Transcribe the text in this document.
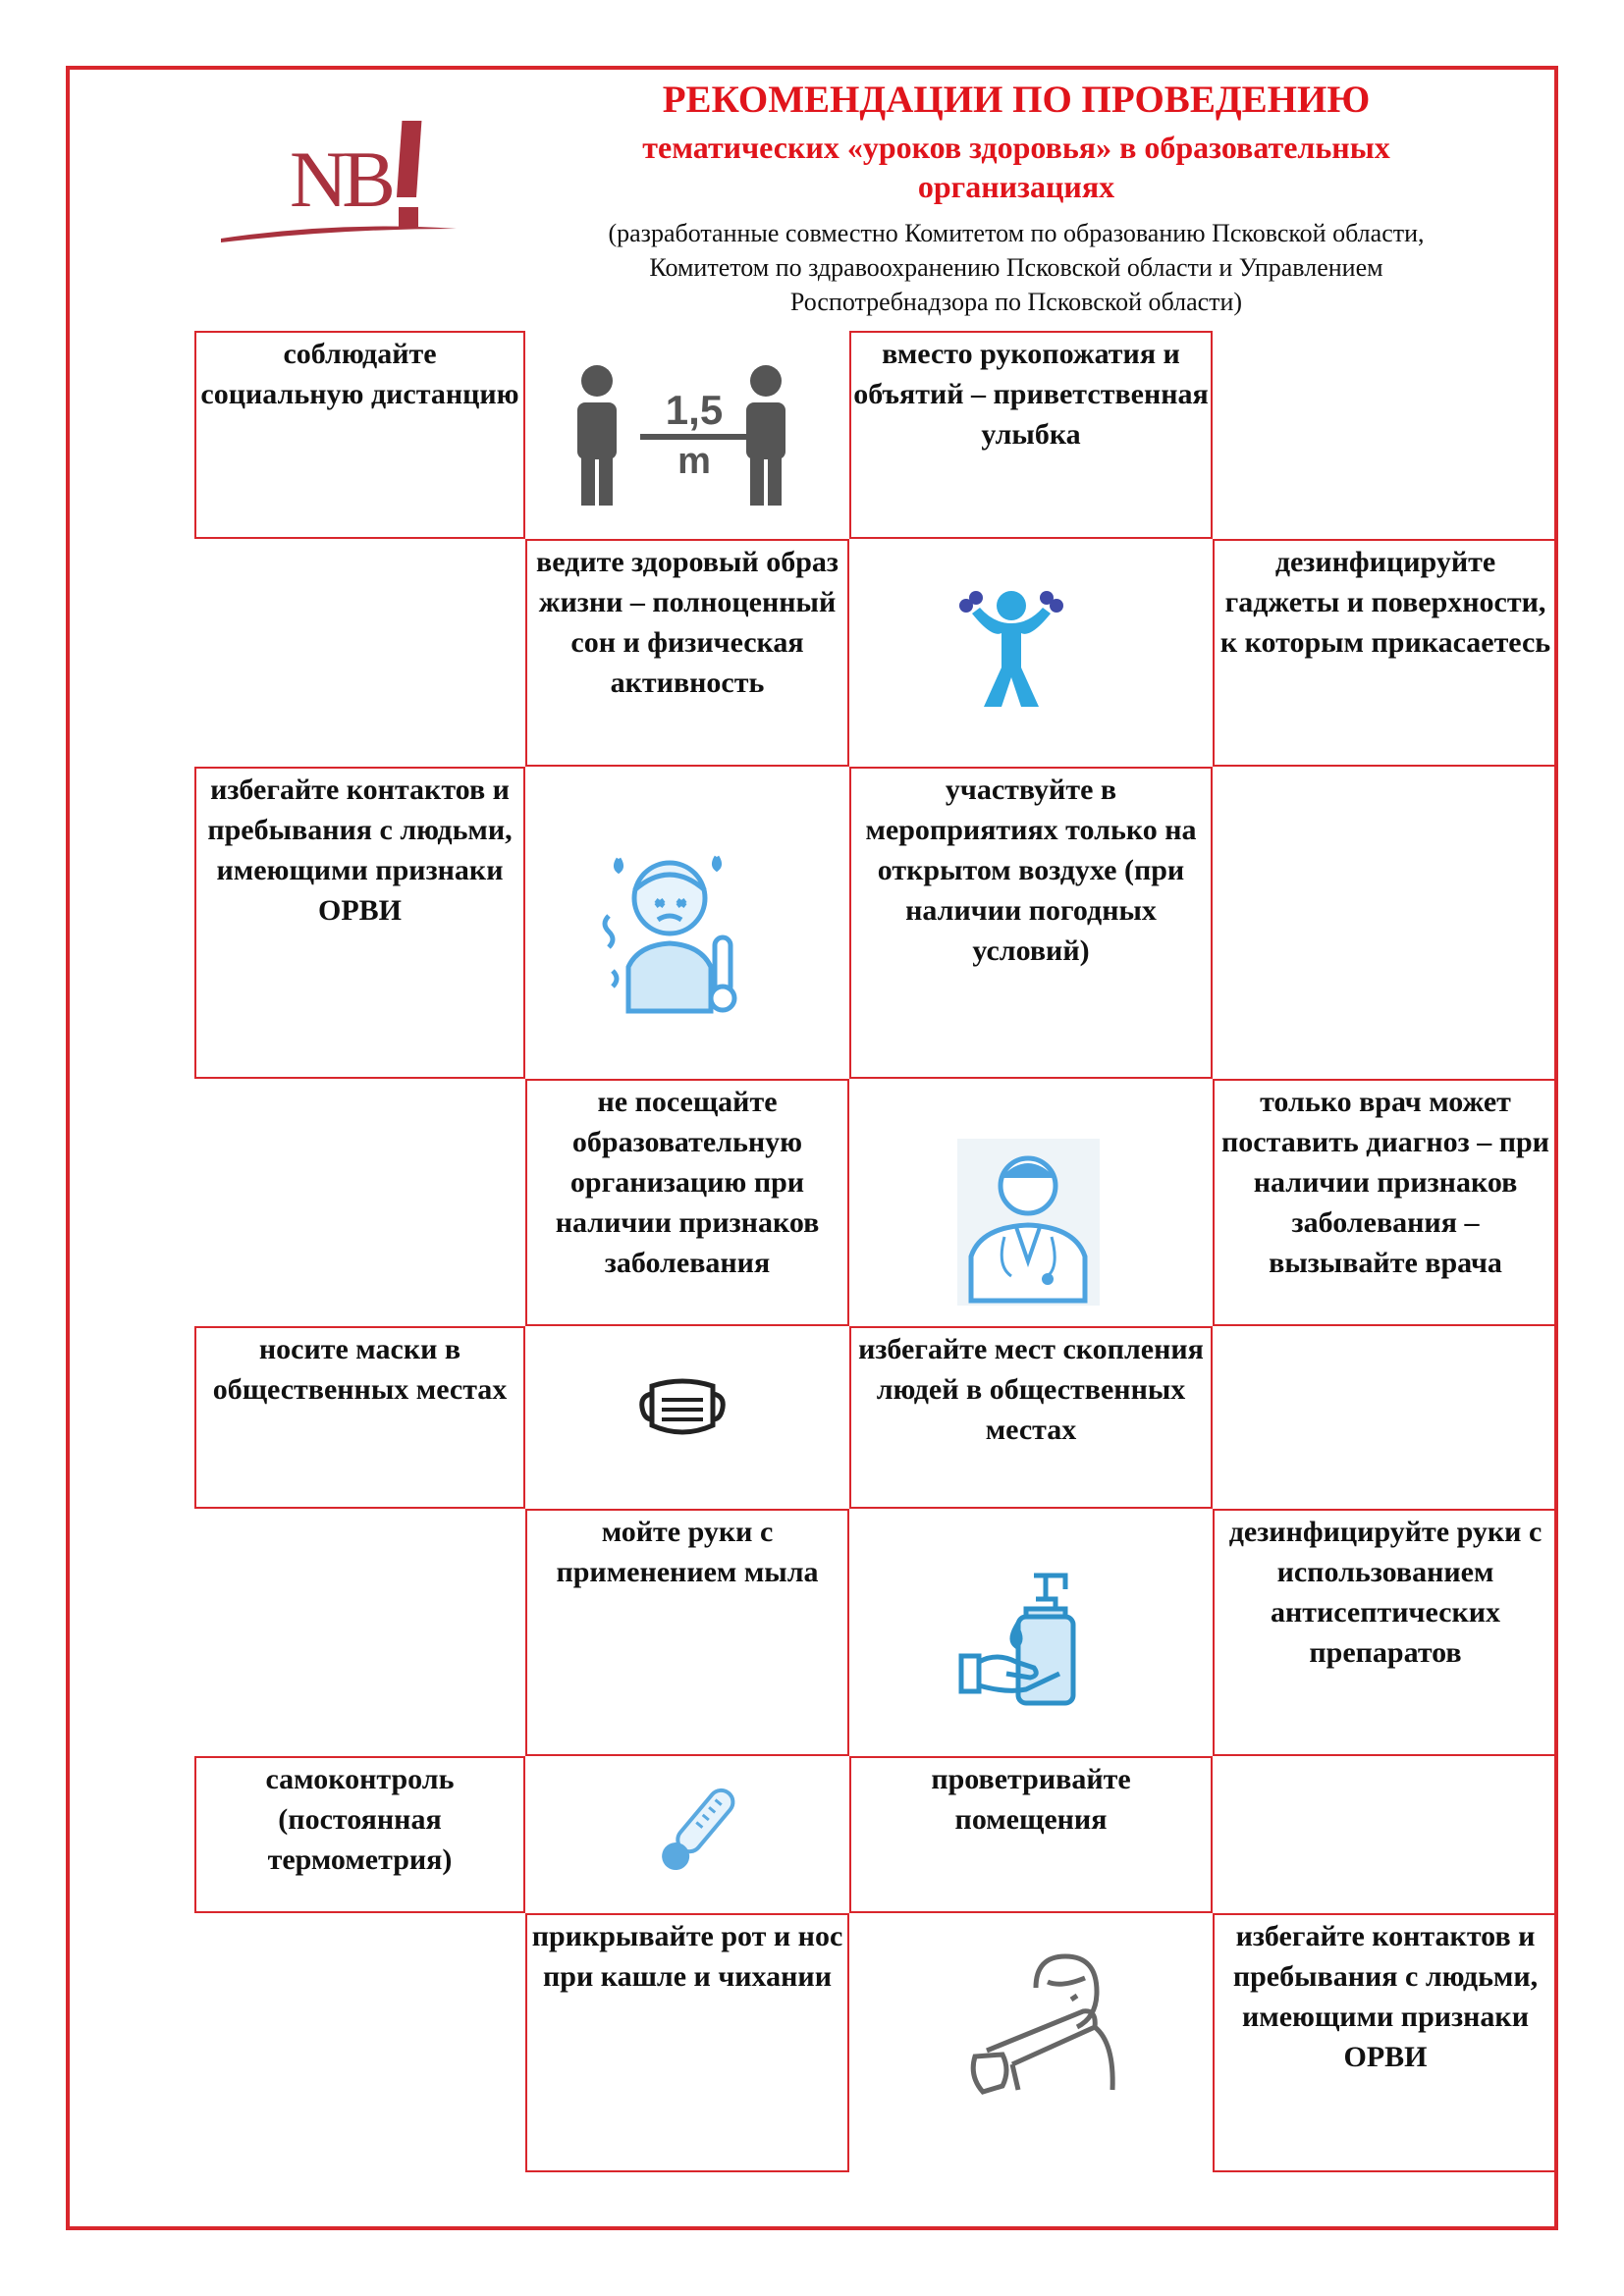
NB
РЕКОМЕНДАЦИИ ПО ПРОВЕДЕНИЮ
тематических «уроков здоровья» в образовательных организациях
(разработанные совместно Комитетом по образованию Псковской области, Комитетом по здравоохранению Псковской области и Управлением Роспотребнадзора по Псковской области)
соблюдайте социальную дистанцию	1,5
m
вместо рукопожатия и объятий – приветственная улыбка
ведите здоровый образ жизни – полноценный сон и физическая активность
дезинфицируйте гаджеты и поверхности, к которым прикасаетесь
избегайте контактов и пребывания с людьми, имеющими признаки ОРВИ
участвуйте в мероприятиях только на открытом воздухе (при наличии погодных условий)
не посещайте образовательную организацию при наличии признаков заболевания
только врач может поставить диагноз – при наличии признаков заболевания – вызывайте врача
носите маски в общественных местах
избегайте мест скопления людей в общественных местах
мойте руки с применением мыла
дезинфицируйте руки с использованием антисептических препаратов
самоконтроль (постоянная термометрия)
проветривайте помещения
прикрывайте рот и нос при кашле и чихании
избегайте контактов и пребывания с людьми, имеющими признаки ОРВИ
